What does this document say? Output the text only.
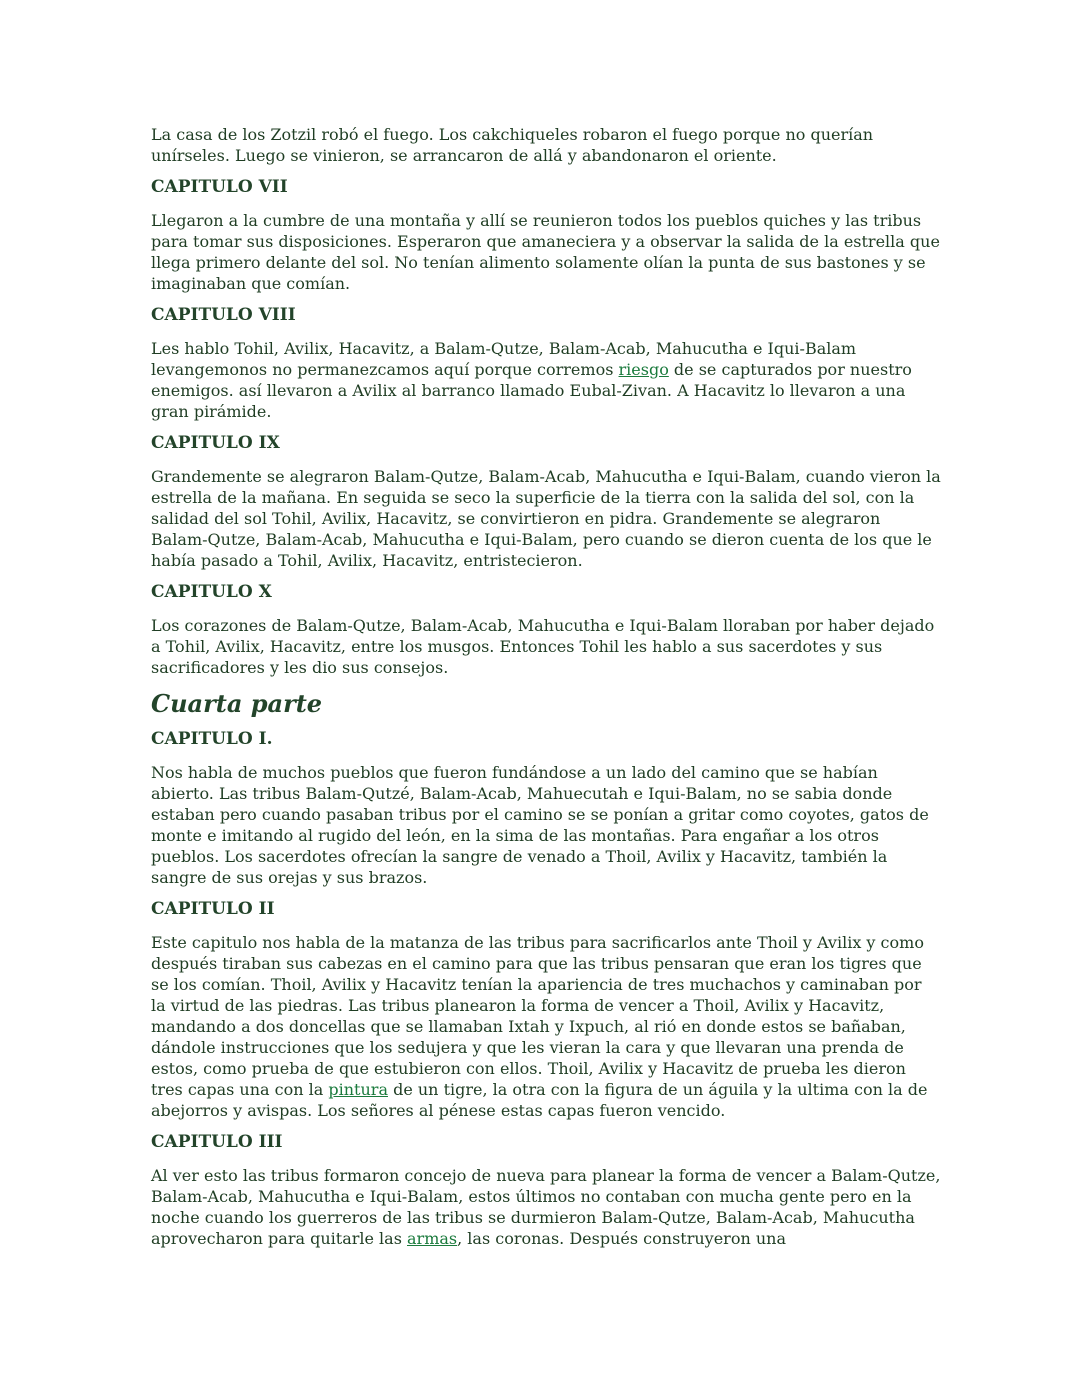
La casa de los Zotzil robó el fuego. Los cakchiqueles robaron el fuego porque no querían unírseles. Luego se vinieron, se arrancaron de allá y abandonaron el oriente.

CAPITULO VII

Llegaron a la cumbre de una montaña y allí se reunieron todos los pueblos quiches y las tribus para tomar sus disposiciones. Esperaron que amaneciera y a observar la salida de la estrella que llega primero delante del sol. No tenían alimento solamente olían la punta de sus bastones y se imaginaban que comían.

CAPITULO VIII

Les hablo Tohil, Avilix, Hacavitz, a Balam-Qutze, Balam-Acab, Mahucutha e Iqui-Balam levangemonos no permanezcamos aquí porque corremos riesgo de se capturados por nuestro enemigos. así llevaron a Avilix al barranco llamado Eubal-Zivan. A Hacavitz lo llevaron a una gran pirámide.

CAPITULO IX

Grandemente se alegraron Balam-Qutze, Balam-Acab, Mahucutha e Iqui-Balam, cuando vieron la estrella de la mañana. En seguida se seco la superficie de la tierra con la salida del sol, con la salidad del sol Tohil, Avilix, Hacavitz, se convirtieron en pidra. Grandemente se alegraron Balam-Qutze, Balam-Acab, Mahucutha e Iqui-Balam, pero cuando se dieron cuenta de los que le había pasado a Tohil, Avilix, Hacavitz, entristecieron.

CAPITULO X

Los corazones de Balam-Qutze, Balam-Acab, Mahucutha e Iqui-Balam lloraban por haber dejado a Tohil, Avilix, Hacavitz, entre los musgos. Entonces Tohil les hablo a sus sacerdotes y sus sacrificadores y les dio sus consejos.

Cuarta parte
CAPITULO I.

Nos habla de muchos pueblos que fueron fundándose a un lado del camino que se habían abierto. Las tribus Balam-Qutzé, Balam-Acab, Mahuecutah e Iqui-Balam, no se sabia donde estaban pero cuando pasaban tribus por el camino se se ponían a gritar como coyotes, gatos de monte e imitando al rugido del león, en la sima de las montañas. Para engañar a los otros pueblos. Los sacerdotes ofrecían la sangre de venado a Thoil, Avilix y Hacavitz, también la sangre de sus orejas y sus brazos.

CAPITULO II

Este capitulo nos habla de la matanza de las tribus para sacrificarlos ante Thoil y Avilix y como después tiraban sus cabezas en el camino para que las tribus pensaran que eran los tigres que se los comían. Thoil, Avilix y Hacavitz tenían la apariencia de tres muchachos y caminaban por la virtud de las piedras. Las tribus planearon la forma de vencer a Thoil, Avilix y Hacavitz, mandando a dos doncellas que se llamaban Ixtah y Ixpuch, al rió en donde estos se bañaban, dándole instrucciones que los sedujera y que les vieran la cara y que llevaran una prenda de estos, como prueba de que estubieron con ellos. Thoil, Avilix y Hacavitz de prueba les dieron tres capas una con la pintura de un tigre, la otra con la figura de un águila y la ultima con la de abejorros y avispas. Los señores al pénese estas capas fueron vencido.

CAPITULO III

Al ver esto las tribus formaron concejo de nueva para planear la forma de vencer a Balam-Qutze, Balam-Acab, Mahucutha e Iqui-Balam, estos últimos no contaban con mucha gente pero en la noche cuando los guerreros de las tribus se durmieron Balam-Qutze, Balam-Acab, Mahucutha aprovecharon para quitarle las armas, las coronas. Después construyeron una
